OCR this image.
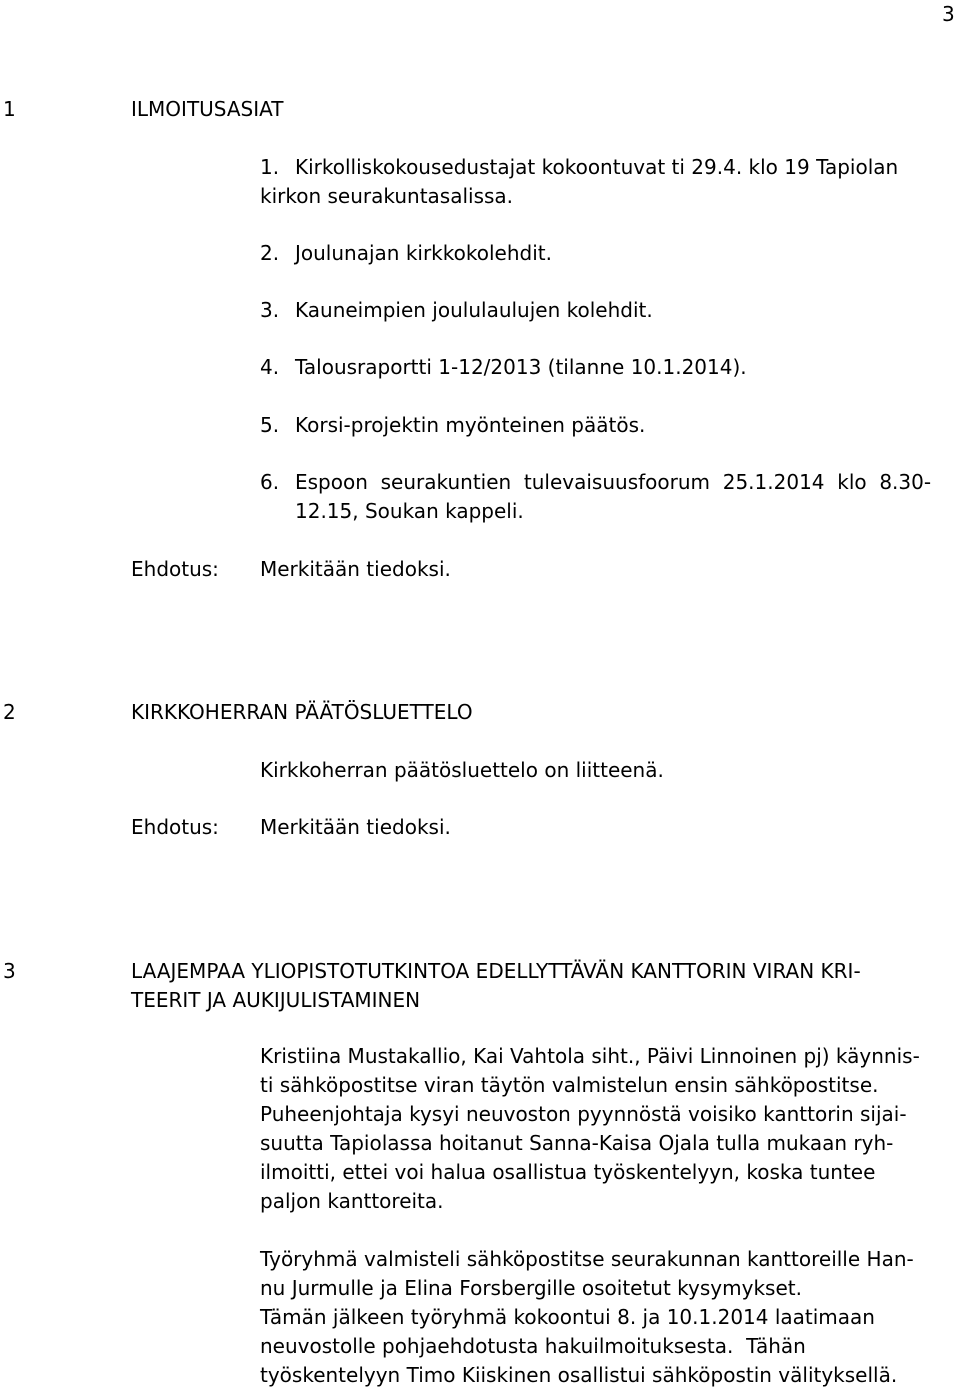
3
1	ILMOITUSASIAT
1. Kirkolliskokousedustajat kokoontuvat ti 29.4. klo 19 Tapiolan
kirkon seurakuntasalissa.
2. Joulunajan kirkkokolehdit.
3. Kauneimpien joululaulujen kolehdit.
4. Talousraportti 1-12/2013 (tilanne 10.1.2014).
5. Korsi-projektin myönteinen päätös.
6. Espoon  seurakuntien  tulevaisuusfoorum  25.1.2014  klo  8.30-
12.15, Soukan kappeli.
Ehdotus: Merkitään tiedoksi.
2	KIRKKOHERRAN PÄÄTÖSLUETTELO
Kirkkoherran päätösluettelo on liitteenä.
Ehdotus: Merkitään tiedoksi.
3	LAAJEMPAA YLIOPISTOTUTKINTOA EDELLYTTÄVÄN KANTTORIN VIRAN KRI-
TEERIT JA AUKIJULISTAMINEN
Kristiina Mustakallio, Kai Vahtola siht., Päivi Linnoinen pj) käynnis-
ti sähköpostitse viran täytön valmistelun ensin sähköpostitse.
Puheenjohtaja kysyi neuvoston pyynnöstä voisiko kanttorin sijai-
suutta Tapiolassa hoitanut Sanna-Kaisa Ojala tulla mukaan ryh-
ilmoitti, ettei voi halua osallistua työskentelyyn, koska tuntee
paljon kanttoreita.
Työryhmä valmisteli sähköpostitse seurakunnan kanttoreille Han-
nu Jurmulle ja Elina Forsbergille osoitetut kysymykset.
Tämän jälkeen työryhmä kokoontui 8. ja 10.1.2014 laatimaan
neuvostolle pohjaehdotusta hakuilmoituksesta.  Tähän
työskentelyyn Timo Kiiskinen osallistui sähköpostin välityksellä.
